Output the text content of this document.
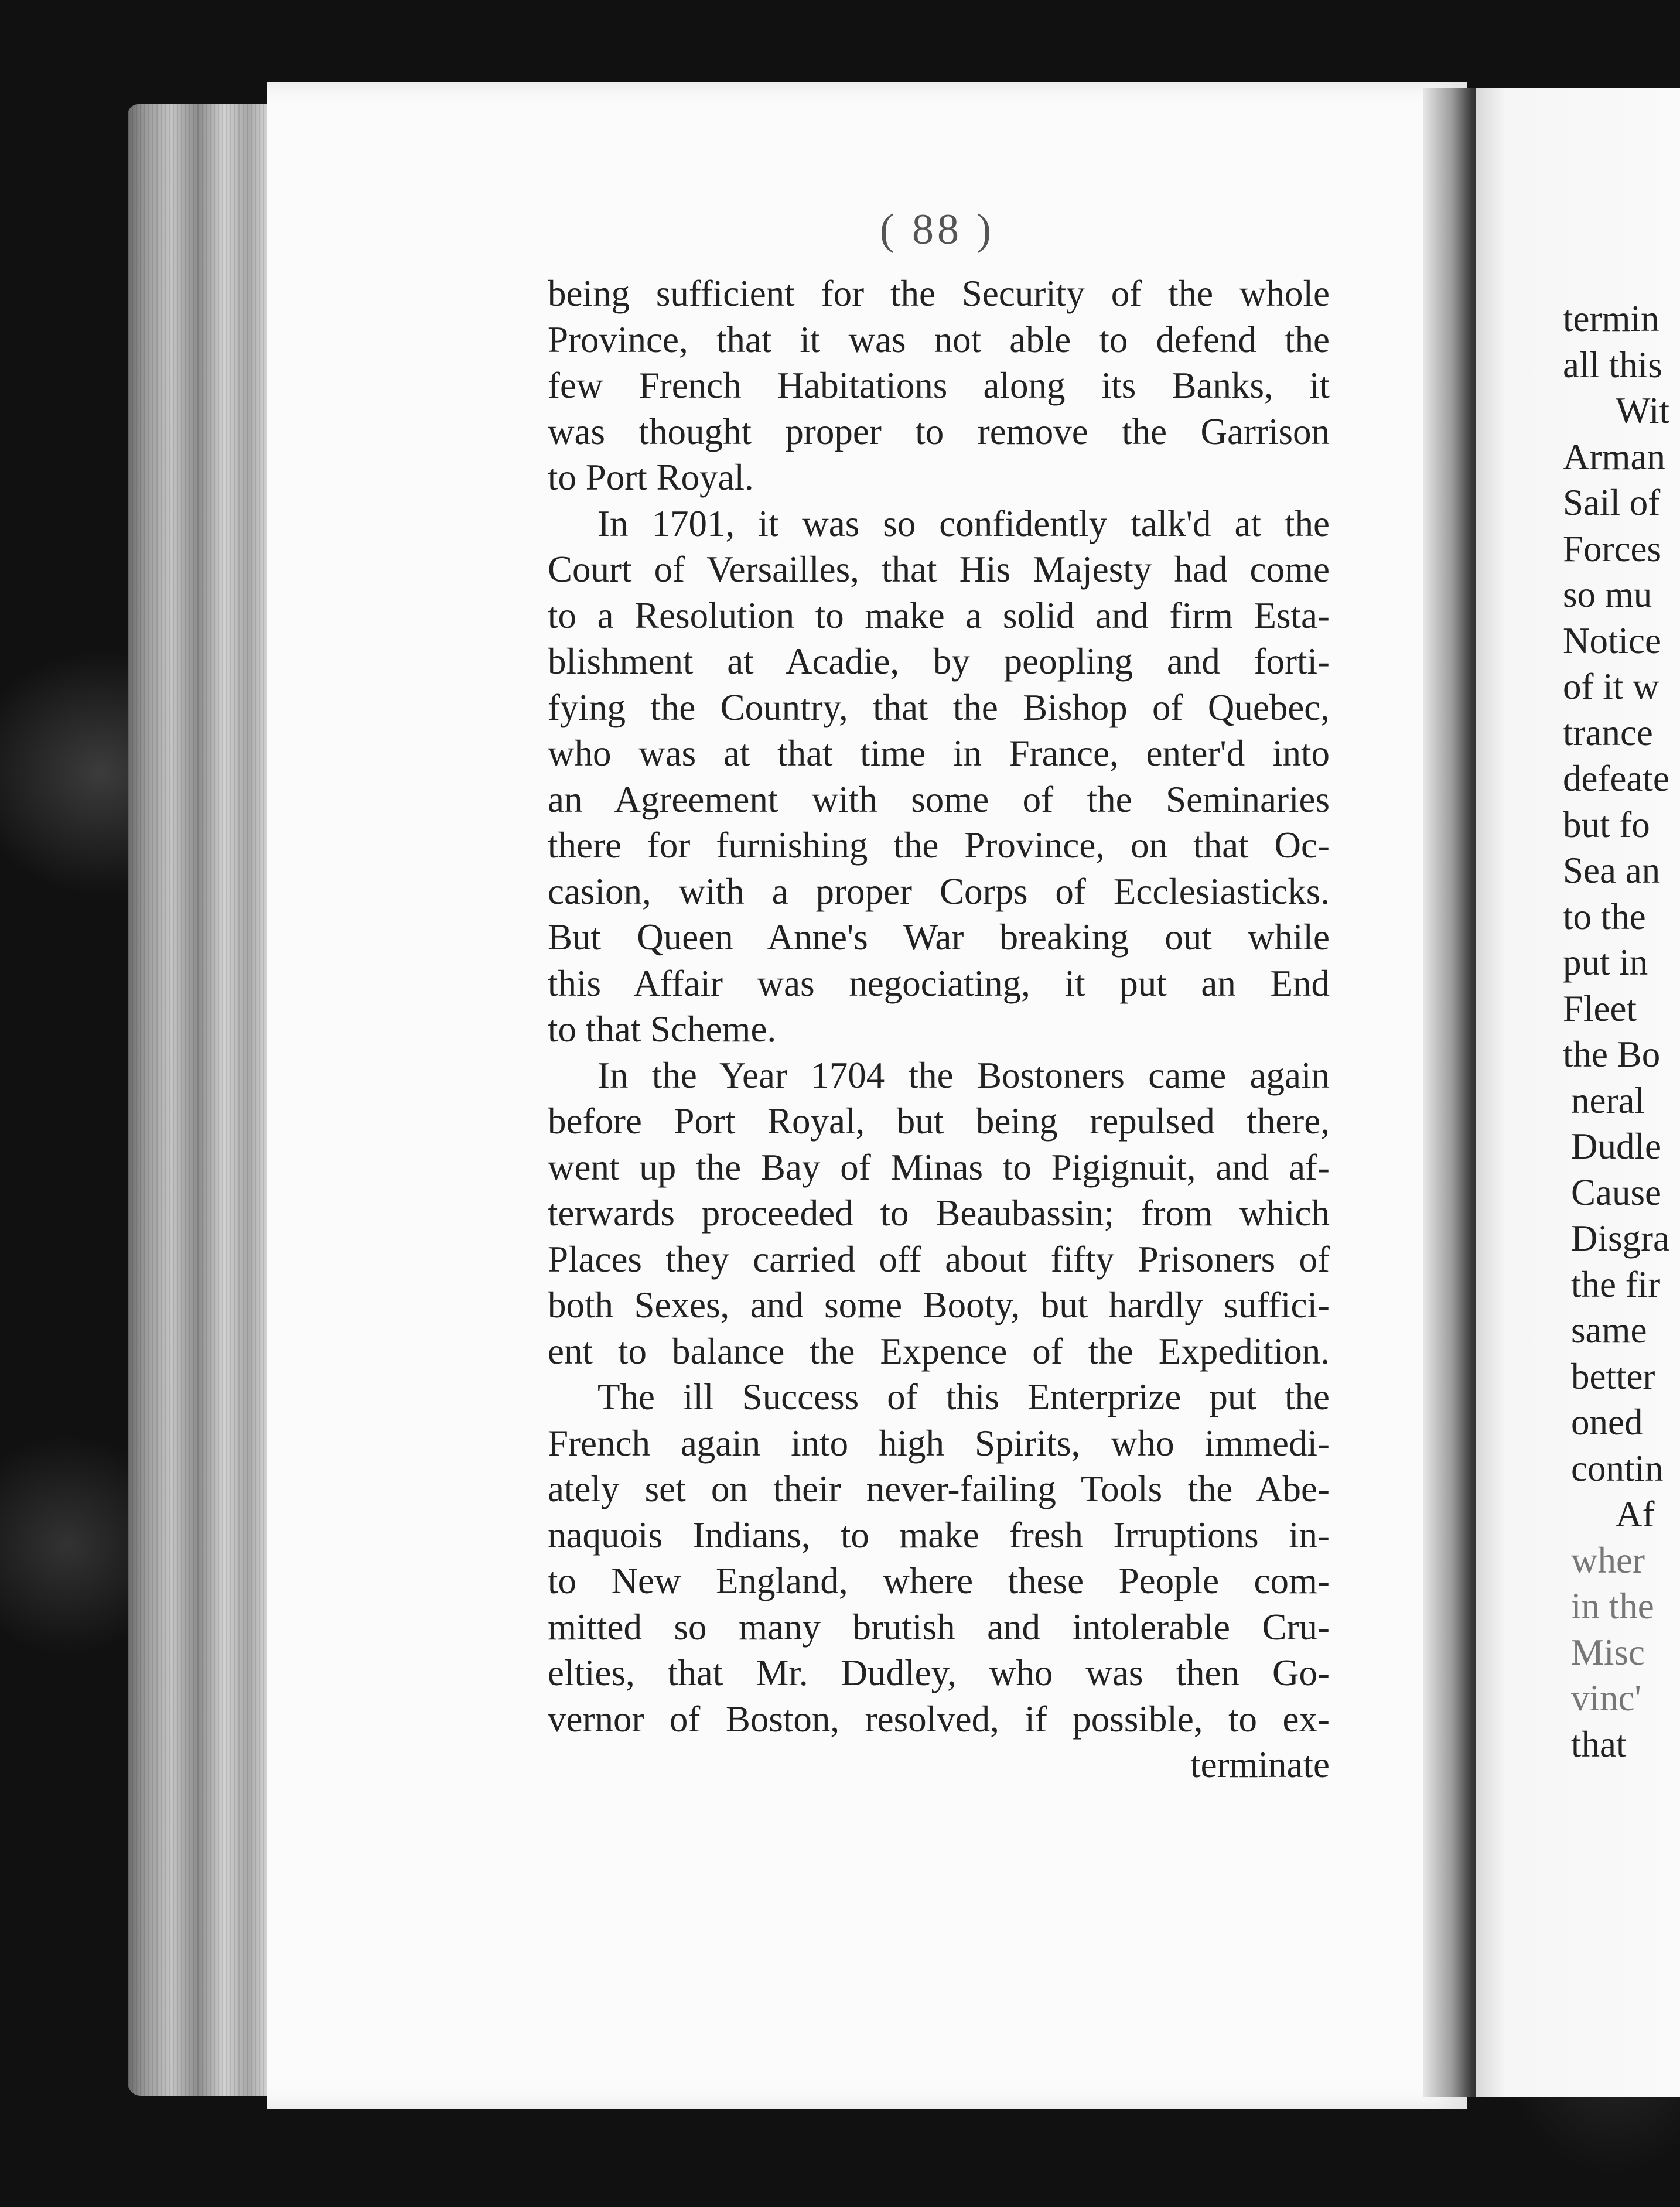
( 88 )

being sufficient for the Security of the whole
Province, that it was not able to defend the
few French Habitations along its Banks, it
was thought proper to remove the Garrison
to Port Royal.
In 1701, it was so confidently talk'd at the
Court of Versailles, that His Majesty had come
to a Resolution to make a solid and firm Esta-
blishment at Acadie, by peopling and forti-
fying the Country, that the Bishop of Quebec,
who was at that time in France, enter'd into
an Agreement with some of the Seminaries
there for furnishing the Province, on that Oc-
casion, with a proper Corps of Ecclesiasticks.
But Queen Anne's War breaking out while
this Affair was negociating, it put an End
to that Scheme.
In the Year 1704 the Bostoners came again
before Port Royal, but being repulsed there,
went up the Bay of Minas to Pigignuit, and af-
terwards proceeded to Beaubassin; from which
Places they carried off about fifty Prisoners of
both Sexes, and some Booty, but hardly suffici-
ent to balance the Expence of the Expedition.
The ill Success of this Enterprize put the
French again into high Spirits, who immedi-
ately set on their never-failing Tools the Abe-
naquois Indians, to make fresh Irruptions in-
to New England, where these People com-
mitted so many brutish and intolerable Cru-
elties, that Mr. Dudley, who was then Go-
vernor of Boston, resolved, if possible, to ex-
terminate
termin
all this
Wit
Arman
Sail of
Forces
so mu
Notice
of it w
trance
defeate
but fo
Sea an
to the
put in
Fleet
the Bo
neral
Dudle
Cause
Disgra
the fir
same
better
oned
contin
Af
wher
in the
Misc
vinc'
that
